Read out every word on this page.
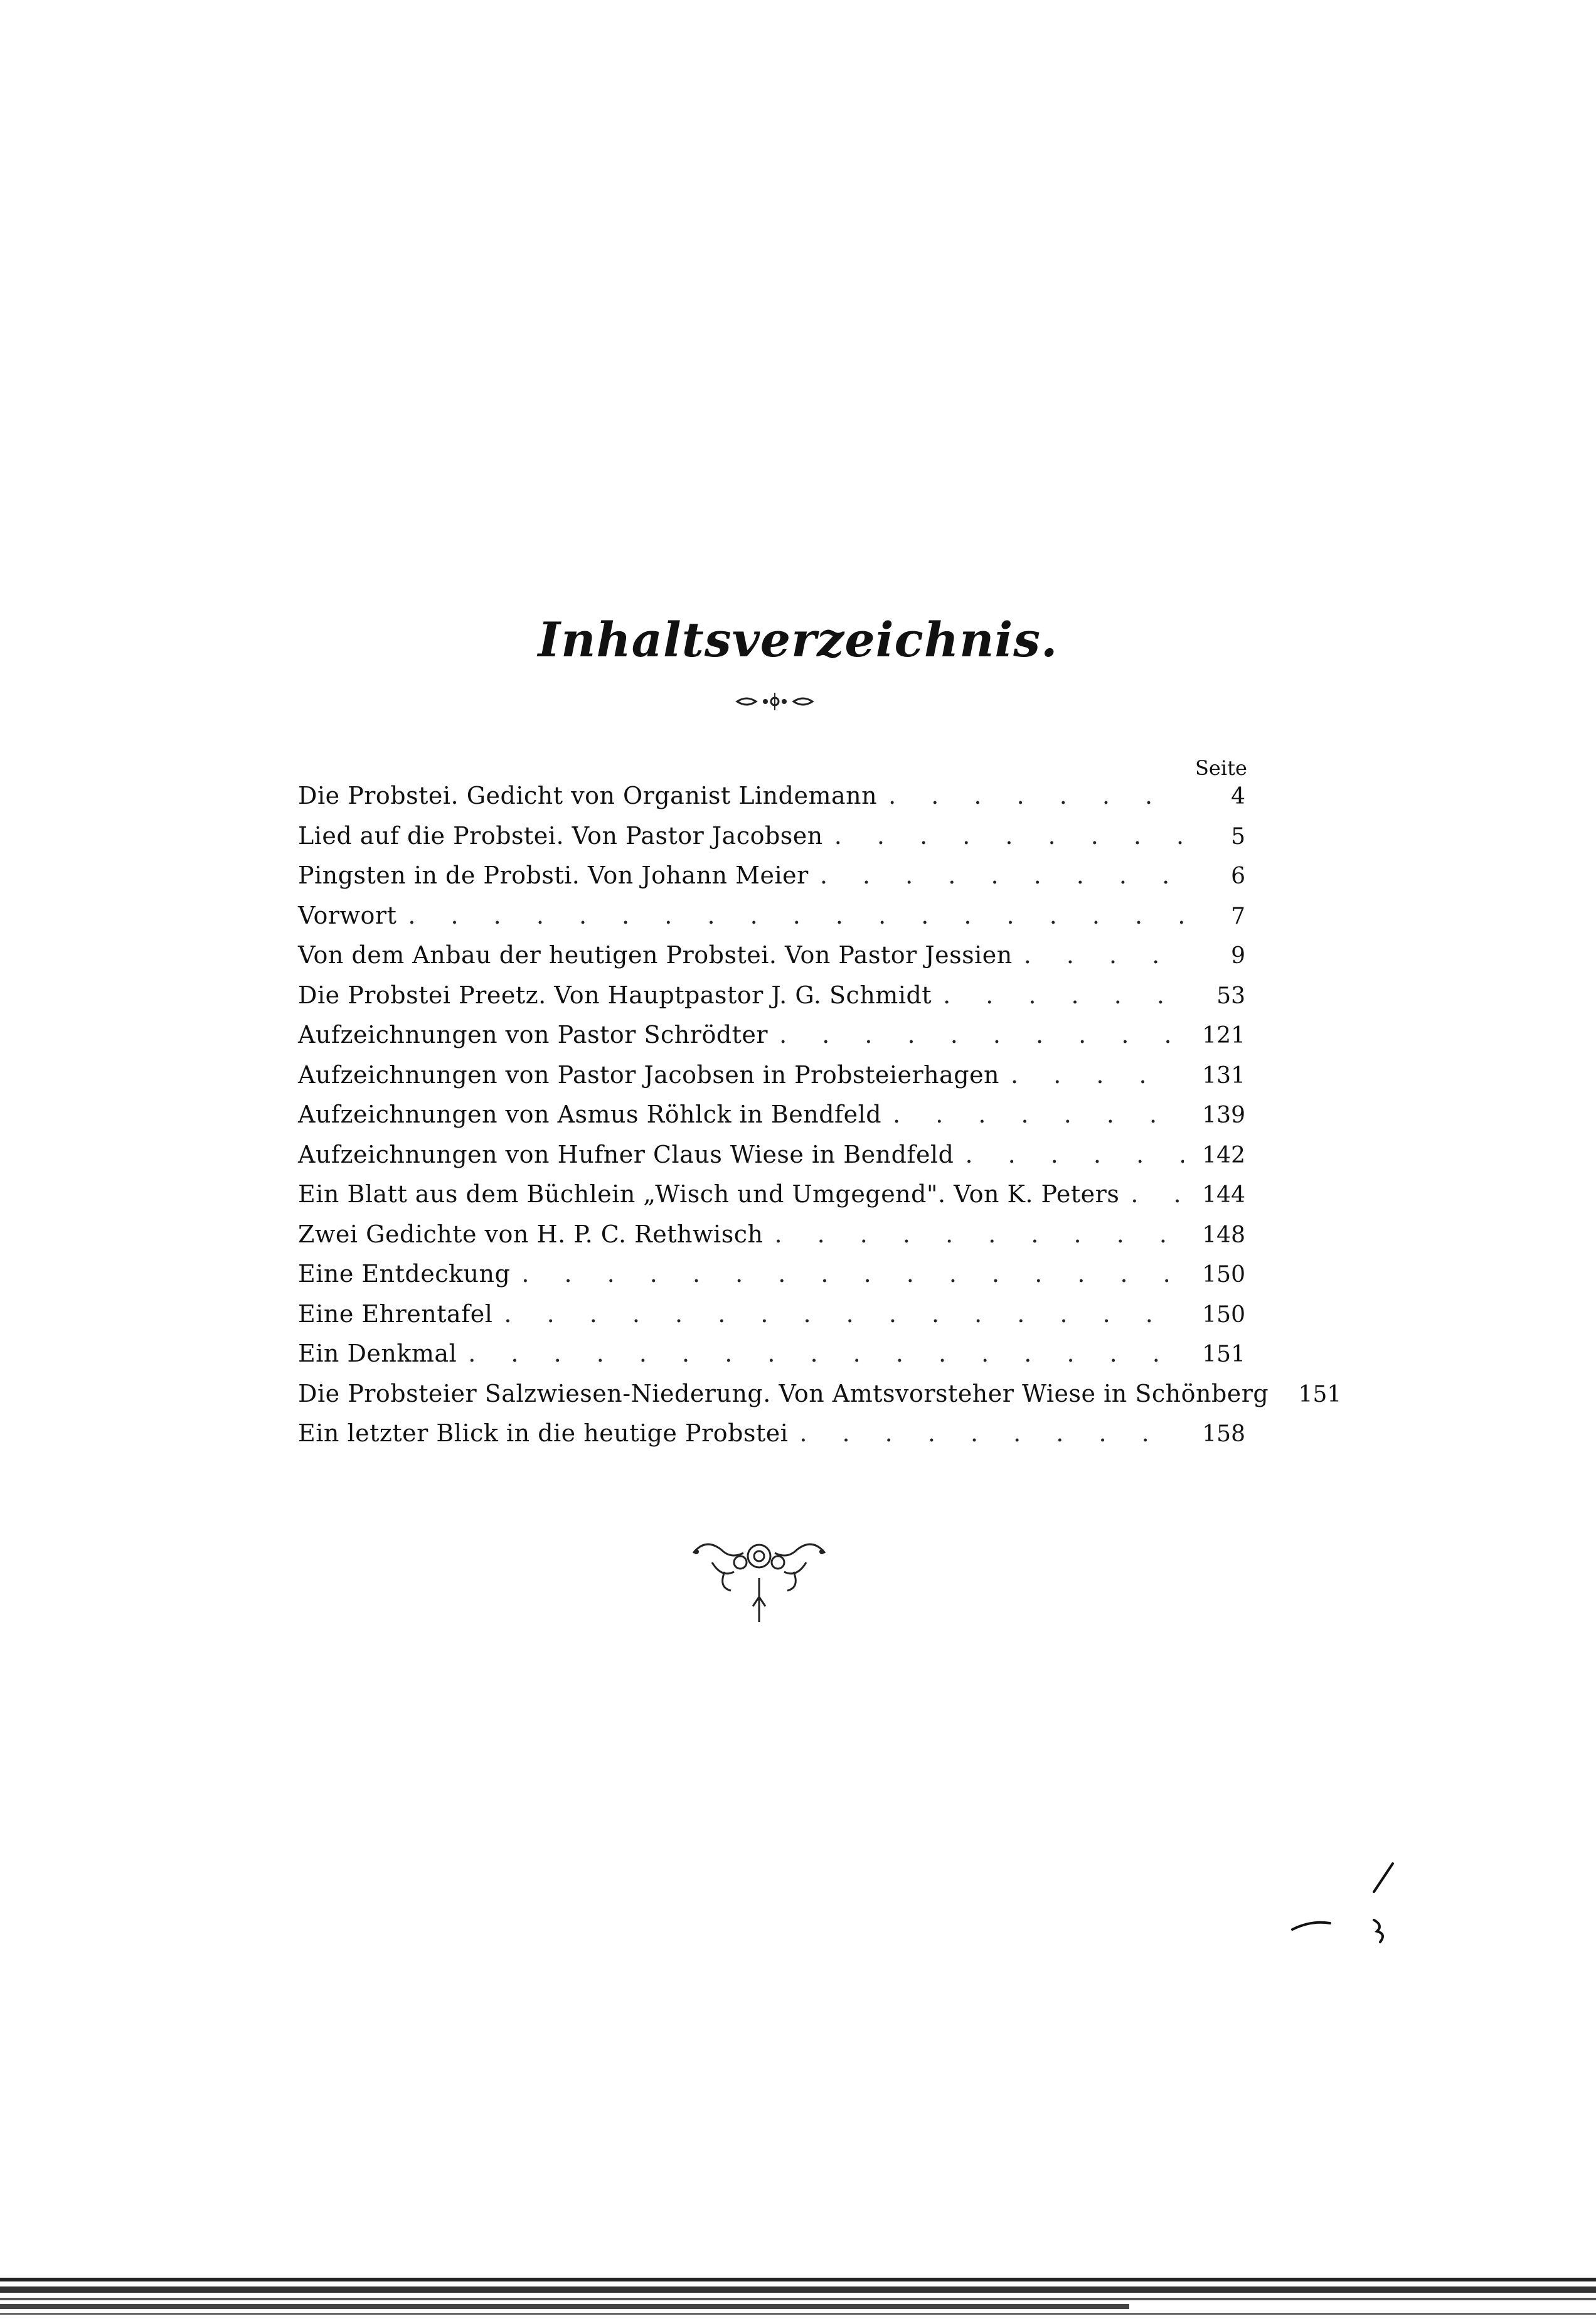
Inhaltsverzeichnis.
Seite
Die Probstei. Gedicht von Organist Lindemann . . .	4
Lied auf die Probstei. Von Pastor Jacobsen . . .	5
Pingsten in de Probsti. Von Johann Meier . . .	6
Vorwort . . .	7
Von dem Anbau der heutigen Probstei. Von Pastor Jessien . . .	9
Die Probstei Preetz. Von Hauptpastor J. G. Schmidt . . .	53
Aufzeichnungen von Pastor Schrödter . . .	121
Aufzeichnungen von Pastor Jacobsen in Probsteierhagen . . .	131
Aufzeichnungen von Asmus Röhlck in Bendfeld . . .	139
Aufzeichnungen von Hufner Claus Wiese in Bendfeld . . .	142
Ein Blatt aus dem Büchlein „Wisch und Umgegend". Von K. Peters . . .	144
Zwei Gedichte von H. P. C. Rethwisch . . .	148
Eine Entdeckung . . .	150
Eine Ehrentafel . . .	150
Ein Denkmal . . .	151
Die Probsteier Salzwiesen-Niederung. Von Amtsvorsteher Wiese in Schönberg	151
Ein letzter Blick in die heutige Probstei . . .	158
